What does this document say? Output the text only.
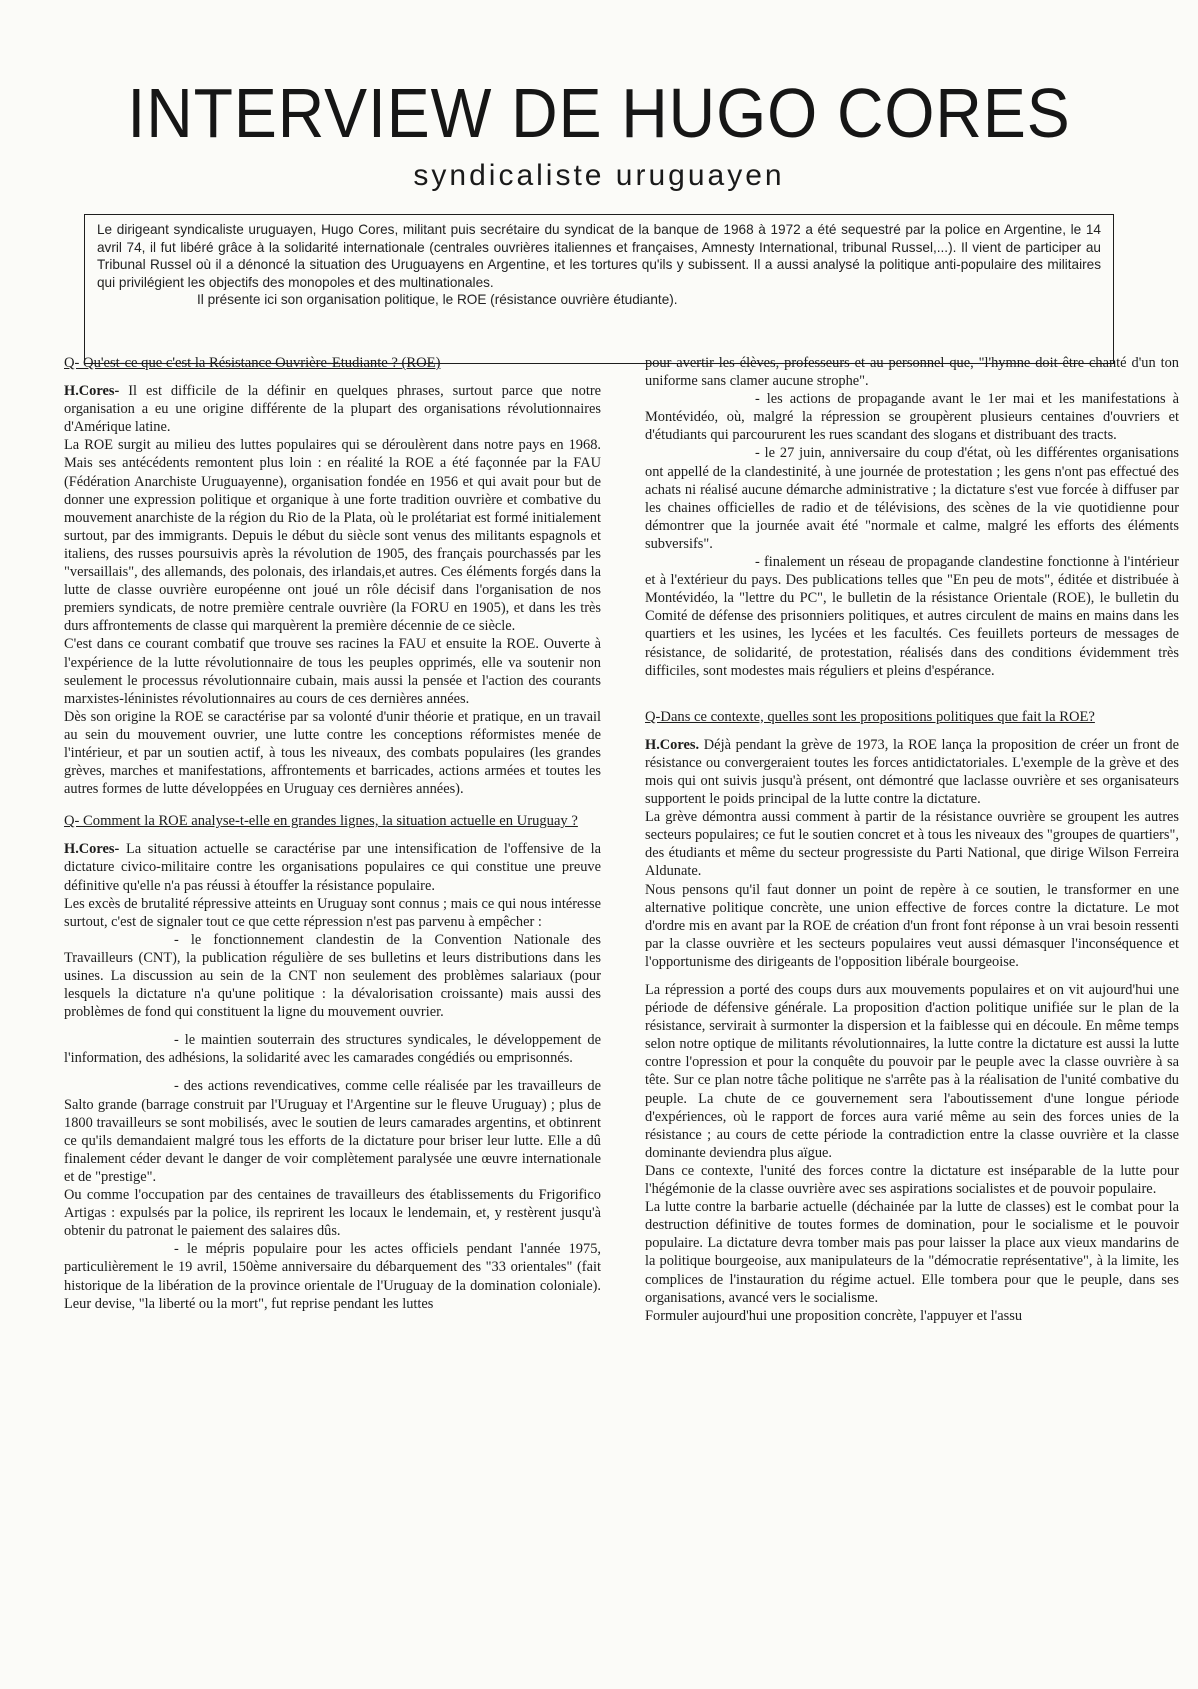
INTERVIEW DE HUGO CORES
syndicaliste uruguayen

Le dirigeant syndicaliste uruguayen, Hugo Cores, militant puis secrétaire du syndicat de la banque de 1968 à 1972 a été sequestré par la police en Argentine, le 14 avril 74, il fut libéré grâce à la solidarité internationale (centrales ouvrières italiennes et françaises, Amnesty International, tribunal Russel,...). Il vient de participer au Tribunal Russel où il a dénoncé la situation des Uruguayens en Argentine, et les tortures qu'ils y subissent. Il a aussi analysé la politique anti-populaire des militaires qui privilégient les objectifs des monopoles et des multinationales.

Il présente ici son organisation politique, le ROE (résistance ouvrière étudiante).

Q- Qu'est-ce que c'est la Résistance Ouvrière-Etudiante ? (ROE)

H.Cores- Il est difficile de la définir en quelques phrases, surtout parce que notre organisation a eu une origine différente de la plupart des organisations révolutionnaires d'Amérique latine.

La ROE surgit au milieu des luttes populaires qui se déroulèrent dans notre pays en 1968. Mais ses antécédents remontent plus loin : en réalité la ROE a été façonnée par la FAU (Fédération Anarchiste Uruguayenne), organisation fondée en 1956 et qui avait pour but de donner une expression politique et organique à une forte tradition ouvrière et combative du mouvement anarchiste de la région du Rio de la Plata, où le prolétariat est formé initialement surtout, par des immigrants. Depuis le début du siècle sont venus des militants espagnols et italiens, des russes poursuivis après la révolution de 1905, des français pourchassés par les "versaillais", des allemands, des polonais, des irlandais,et autres. Ces éléments forgés dans la lutte de classe ouvrière européenne ont joué un rôle décisif dans l'organisation de nos premiers syndicats, de notre première centrale ouvrière (la FORU en 1905), et dans les très durs affrontements de classe qui marquèrent la première décennie de ce siècle.

C'est dans ce courant combatif que trouve ses racines la FAU et ensuite la ROE. Ouverte à l'expérience de la lutte révolutionnaire de tous les peuples opprimés, elle va soutenir non seulement le processus révolutionnaire cubain, mais aussi la pensée et l'action des courants marxistes-léninistes révolutionnaires au cours de ces dernières années.

Dès son origine la ROE se caractérise par sa volonté d'unir théorie et pratique, en un travail au sein du mouvement ouvrier, une lutte contre les conceptions réformistes menée de l'intérieur, et par un soutien actif, à tous les niveaux, des combats populaires (les grandes grèves, marches et manifestations, affrontements et barricades, actions armées et toutes les autres formes de lutte développées en Uruguay ces dernières années).

Q- Comment la ROE analyse-t-elle en grandes lignes, la situation actuelle en Uruguay ?

H.Cores- La situation actuelle se caractérise par une intensification de l'offensive de la dictature civico-militaire contre les organisations populaires ce qui constitue une preuve définitive qu'elle n'a pas réussi à étouffer la résistance populaire.

Les excès de brutalité répressive atteints en Uruguay sont connus ; mais ce qui nous intéresse surtout, c'est de signaler tout ce que cette répression n'est pas parvenu à empêcher :

- le fonctionnement clandestin de la Convention Nationale des Travailleurs (CNT), la publication régulière de ses bulletins et leurs distributions dans les usines. La discussion au sein de la CNT non seulement des problèmes salariaux (pour lesquels la dictature n'a qu'une politique : la dévalorisation croissante) mais aussi des problèmes de fond qui constituent la ligne du mouvement ouvrier.

- le maintien souterrain des structures syndicales, le développement de l'information, des adhésions, la solidarité avec les camarades congédiés ou emprisonnés.

- des actions revendicatives, comme celle réalisée par les travailleurs de Salto grande (barrage construit par l'Uruguay et l'Argentine sur le fleuve Uruguay) ; plus de 1800 travailleurs se sont mobilisés, avec le soutien de leurs camarades argentins, et obtinrent ce qu'ils demandaient malgré tous les efforts de la dictature pour briser leur lutte. Elle a dû finalement céder devant le danger de voir complètement paralysée une œuvre internationale et de "prestige".

Ou comme l'occupation par des centaines de travailleurs des établissements du Frigorifico Artigas : expulsés par la police, ils reprirent les locaux le lendemain, et, y restèrent jusqu'à obtenir du patronat le paiement des salaires dûs.

- le mépris populaire pour les actes officiels pendant l'année 1975, particulièrement le 19 avril, 150ème anniversaire du débarquement des "33 orientales" (fait historique de la libération de la province orientale de l'Uruguay de la domination coloniale). Leur devise, "la liberté ou la mort", fut reprise pendant les luttes

pour avertir les élèves, professeurs et au personnel que, "l'hymne doit être chanté d'un ton uniforme sans clamer aucune strophe".

- les actions de propagande avant le 1er mai et les manifestations à Montévidéo, où, malgré la répression se groupèrent plusieurs centaines d'ouvriers et d'étudiants qui parcoururent les rues scandant des slogans et distribuant des tracts.

- le 27 juin, anniversaire du coup d'état, où les différentes organisations ont appellé de la clandestinité, à une journée de protestation ; les gens n'ont pas effectué des achats ni réalisé aucune démarche administrative ; la dictature s'est vue forcée à diffuser par les chaines officielles de radio et de télévisions, des scènes de la vie quotidienne pour démontrer que la journée avait été "normale et calme, malgré les efforts des éléments subversifs".

- finalement un réseau de propagande clandestine fonctionne à l'intérieur et à l'extérieur du pays. Des publications telles que "En peu de mots", éditée et distribuée à Montévidéo, la "lettre du PC", le bulletin de la résistance Orientale (ROE), le bulletin du Comité de défense des prisonniers politiques, et autres circulent de mains en mains dans les quartiers et les usines, les lycées et les facultés. Ces feuillets porteurs de messages de résistance, de solidarité, de protestation, réalisés dans des conditions évidemment très difficiles, sont modestes mais réguliers et pleins d'espérance.

Q-Dans ce contexte, quelles sont les propositions politiques que fait la ROE?

H.Cores. Déjà pendant la grève de 1973, la ROE lança la proposition de créer un front de résistance ou convergeraient toutes les forces antidictatoriales. L'exemple de la grève et des mois qui ont suivis jusqu'à présent, ont démontré que laclasse ouvrière et ses organisateurs supportent le poids principal de la lutte contre la dictature.

La grève démontra aussi comment à partir de la résistance ouvrière se groupent les autres secteurs populaires; ce fut le soutien concret et à tous les niveaux des "groupes de quartiers", des étudiants et même du secteur progressiste du Parti National, que dirige Wilson Ferreira Aldunate.

Nous pensons qu'il faut donner un point de repère à ce soutien, le transformer en une alternative politique concrète, une union effective de forces contre la dictature. Le mot d'ordre mis en avant par la ROE de création d'un front font réponse à un vrai besoin ressenti par la classe ouvrière et les secteurs populaires veut aussi démasquer l'inconséquence et l'opportunisme des dirigeants de l'opposition libérale bourgeoise.

La répression a porté des coups durs aux mouvements populaires et on vit aujourd'hui une période de défensive générale. La proposition d'action politique unifiée sur le plan de la résistance, servirait à surmonter la dispersion et la faiblesse qui en découle. En même temps selon notre optique de militants révolutionnaires, la lutte contre la dictature est aussi la lutte contre l'opression et pour la conquête du pouvoir par le peuple avec la classe ouvrière à sa tête. Sur ce plan notre tâche politique ne s'arrête pas à la réalisation de l'unité combative du peuple. La chute de ce gouvernement sera l'aboutissement d'une longue période d'expériences, où le rapport de forces aura varié même au sein des forces unies de la résistance ; au cours de cette période la contradiction entre la classe ouvrière et la classe dominante deviendra plus aïgue.

Dans ce contexte, l'unité des forces contre la dictature est inséparable de la lutte pour l'hégémonie de la classe ouvrière avec ses aspirations socialistes et de pouvoir populaire.

La lutte contre la barbarie actuelle (déchainée par la lutte de classes) est le combat pour la destruction définitive de toutes formes de domination, pour le socialisme et le pouvoir populaire. La dictature devra tomber mais pas pour laisser la place aux vieux mandarins de la politique bourgeoise, aux manipulateurs de la "démocratie représentative", à la limite, les complices de l'instauration du régime actuel. Elle tombera pour que le peuple, dans ses organisations, avancé vers le socialisme.

Formuler aujourd'hui une proposition concrète, l'appuyer et l'assu
